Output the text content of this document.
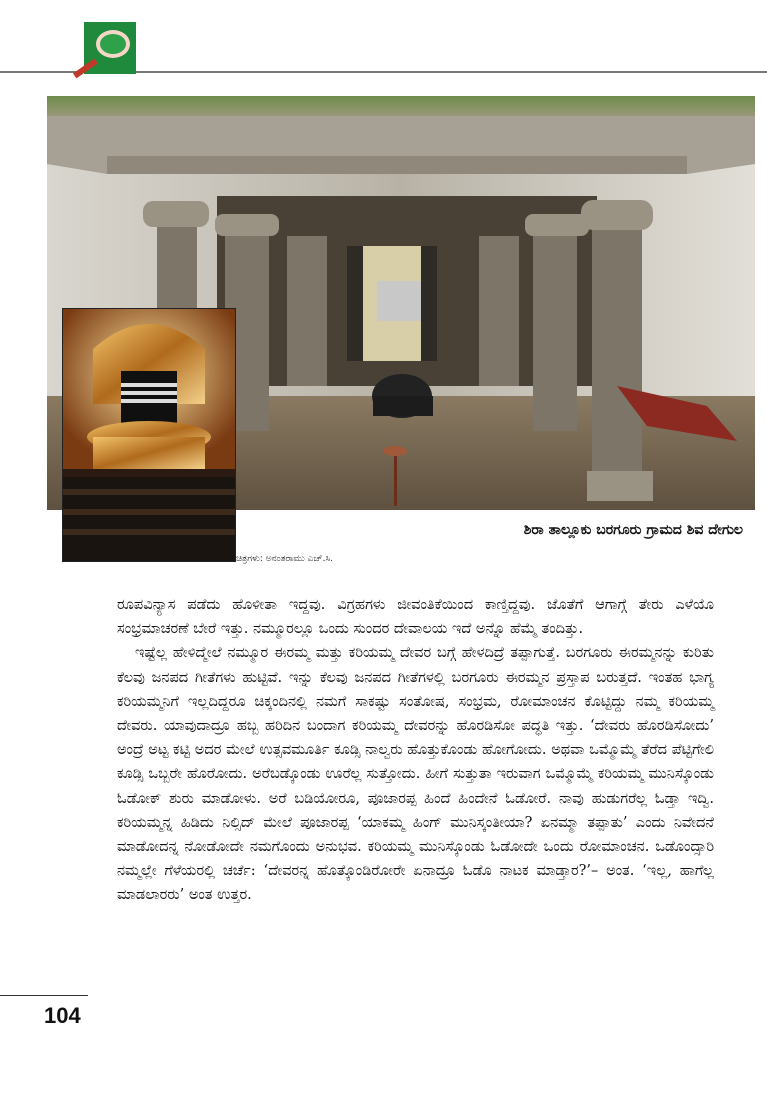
ಶಿರಾ ತಾಲ್ಲೂಕು ಬರಗೂರು ಗ್ರಾಮದ ಶಿವ ದೇಗುಲ
ಚಿತ್ರಗಳು: ಅನಂತರಾಮು ಎಚ್.ಸಿ.

ರೂಪವಿನ್ಯಾಸ ಪಡೆದು ಹೊಳೀತಾ ಇದ್ದವು. ವಿಗ್ರಹಗಳು ಜೀವಂತಿಕೆಯಿಂದ ಕಾಣ್ತಿದ್ದವು. ಜೊತೆಗೆ ಆಗಾಗ್ಗೆ ತೇರು ಎಳೆಯೊ ಸಂಭ್ರಮಾಚರಣೆ ಬೇರೆ ಇತ್ತು. ನಮ್ಮೂರಲ್ಲೂ ಒಂದು ಸುಂದರ ದೇವಾಲಯ ಇದೆ ಅನ್ನೊ ಹೆಮ್ಮೆ ತಂದಿತ್ತು.

ಇಷ್ಟೆಲ್ಲ ಹೇಳಿದ್ಮೇಲೆ ನಮ್ಮೂರ ಈರಮ್ಮ ಮತ್ತು ಕರಿಯಮ್ಮ ದೇವರ ಬಗ್ಗೆ ಹೇಳದಿದ್ರೆ ತಪ್ಪಾಗುತ್ತೆ. ಬರಗೂರು ಈರಮ್ಮನನ್ನು ಕುರಿತು ಕೆಲವು ಜನಪದ ಗೀತೆಗಳು ಹುಟ್ಟಿವೆ. ಇನ್ನು ಕೆಲವು ಜನಪದ ಗೀತೆಗಳಲ್ಲಿ ಬರಗೂರು ಈರಮ್ಮನ ಪ್ರಸ್ತಾಪ ಬರುತ್ತದೆ. ಇಂತಹ ಭಾಗ್ಯ ಕರಿಯಮ್ಮನಿಗೆ ಇಲ್ಲದಿದ್ದರೂ ಚಿಕ್ಕಂದಿನಲ್ಲಿ ನಮಗೆ ಸಾಕಷ್ಟು ಸಂತೋಷ, ಸಂಭ್ರಮ, ರೋಮಾಂಚನ ಕೊಟ್ಟಿದ್ದು ನಮ್ಮ ಕರಿಯಮ್ಮ ದೇವರು. ಯಾವುದಾದ್ರೂ ಹಬ್ಬ ಹರಿದಿನ ಬಂದಾಗ ಕರಿಯಮ್ಮ ದೇವರನ್ನು ಹೊರಡಿಸೋ ಪದ್ಧತಿ ಇತ್ತು. ‘ದೇವರು ಹೊರಡಿಸೋದು’ ಅಂದ್ರೆ ಅಟ್ಟ ಕಟ್ಟಿ ಅದರ ಮೇಲೆ ಉತ್ಸವಮೂರ್ತಿ ಕೂಡ್ಸಿ ನಾಲ್ವರು ಹೊತ್ತುಕೊಂಡು ಹೋಗೋದು. ಅಥವಾ ಒಮ್ಮೊಮ್ಮೆ ತೆರೆದ ಪೆಟ್ಟಿಗೇಲಿ ಕೂಡ್ಸಿ ಒಬ್ಬರೇ ಹೊರೋದು. ಅರೆಬಡ್ಕೊಂಡು ಊರೆಲ್ಲ ಸುತ್ತೋದು. ಹೀಗೆ ಸುತ್ತುತಾ ಇರುವಾಗ ಒಮ್ಮೊಮ್ಮೆ ಕರಿಯಮ್ಮ ಮುನಿಸ್ಕೊಂಡು ಓಡೋಕ್ ಶುರು ಮಾಡೋಳು. ಅರೆ ಬಡಿಯೋರೂ, ಪೂಜಾರಪ್ಪ ಹಿಂದೆ ಹಿಂದೇನೆ ಓಡೋರೆ. ನಾವು ಹುಡುಗರೆಲ್ಲ ಓಡ್ತಾ ಇದ್ವಿ. ಕರಿಯಮ್ಮನ್ನ ಹಿಡಿದು ನಿಲ್ಸಿದ್ ಮೇಲೆ ಪೂಜಾರಪ್ಪ ‘ಯಾಕಮ್ಮ ಹಿಂಗ್ ಮುನಿಸ್ಕಂತೀಯಾ? ಏನಮ್ಮಾ ತಪ್ಪಾತು’ ಎಂದು ನಿವೇದನೆ ಮಾಡೋದನ್ನ ನೋಡೋದೇ ನಮಗೊಂದು ಅನುಭವ. ಕರಿಯಮ್ಮ ಮುನಿಸ್ಕೊಂಡು ಓಡೋದೇ ಒಂದು ರೋಮಾಂಚನ. ಒಡೊಂದ್ಸಾರಿ ನಮ್ಮಲ್ಲೇ ಗೆಳೆಯರಲ್ಲಿ ಚರ್ಚೆ: ‘ದೇವರನ್ನ ಹೊತ್ಕೊಂಡಿರೋರೇ ಏನಾದ್ರೂ ಓಡೊ ನಾಟಕ ಮಾಡ್ತಾರ?’– ಅಂತ. ‘ಇಲ್ಲ, ಹಾಗೆಲ್ಲ ಮಾಡಲಾರರು’ ಅಂತ ಉತ್ತರ.

104
